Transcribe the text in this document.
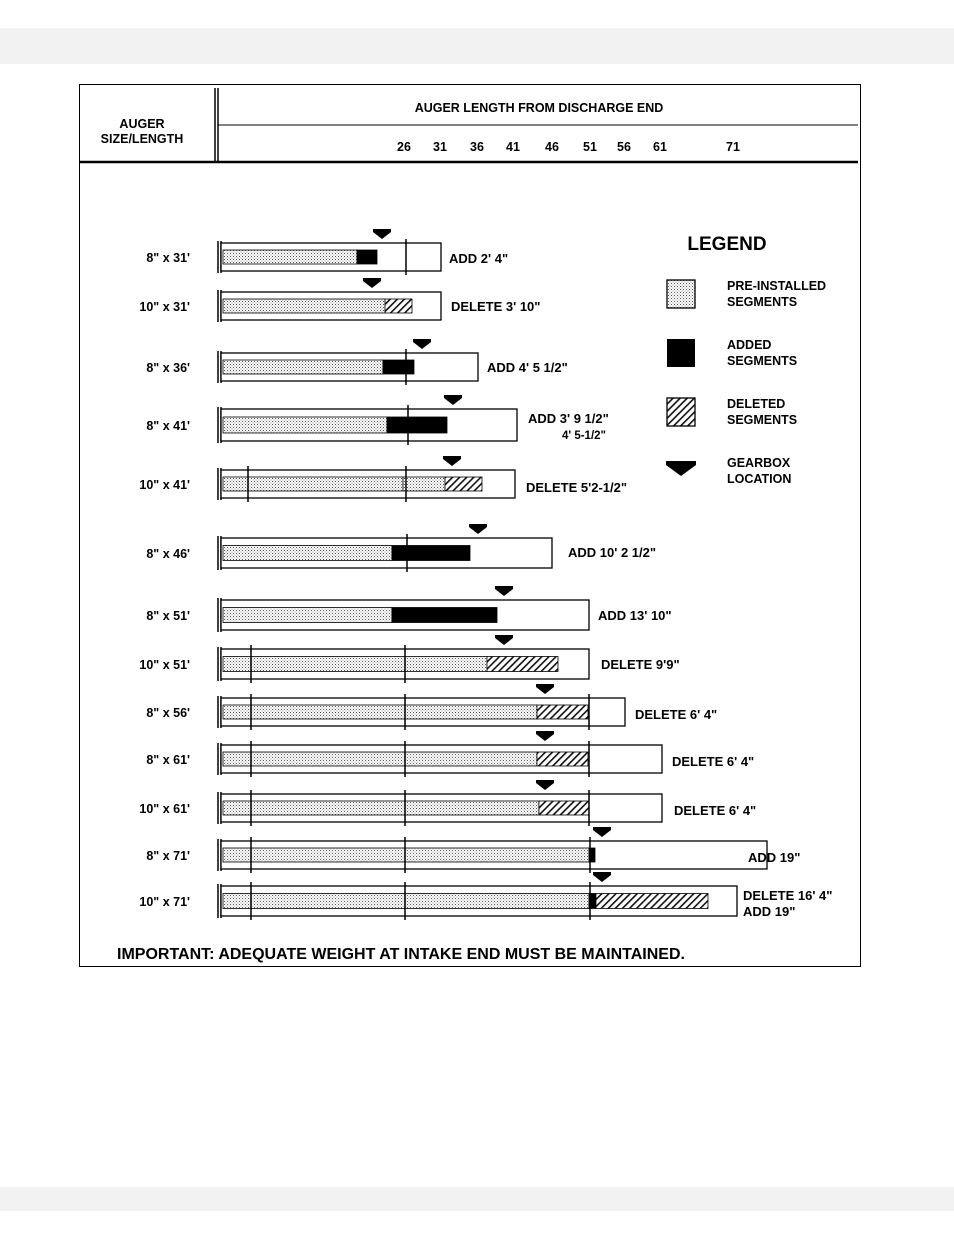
AUGER
SIZE/LENGTH
AUGER LENGTH FROM DISCHARGE END
26 31 36 41 46 51 56 61	71
8" x 31'	ADD 2' 4"
10" x 31'	DELETE 3' 10"
8" x 36'	ADD 4' 5 1/2"
8" x 41'	ADD 3' 9 1/2"
4' 5-1/2"
10" x 41'	DELETE 5'2-1/2"
8" x 46'	ADD 10' 2 1/2"
8" x 51'	ADD 13' 10"
10" x 51'	DELETE 9'9"
8" x 56'	DELETE 6' 4"
8" x 61'	DELETE 6' 4"
10" x 61'	DELETE 6' 4"
8" x 71'	ADD 19"
10" x 71'	DELETE 16' 4"
ADD 19"
LEGEND
PRE-INSTALLED
SEGMENTS
ADDED
SEGMENTS
DELETED
SEGMENTS
GEARBOX
LOCATION
IMPORTANT: ADEQUATE WEIGHT AT INTAKE END MUST BE MAINTAINED.
